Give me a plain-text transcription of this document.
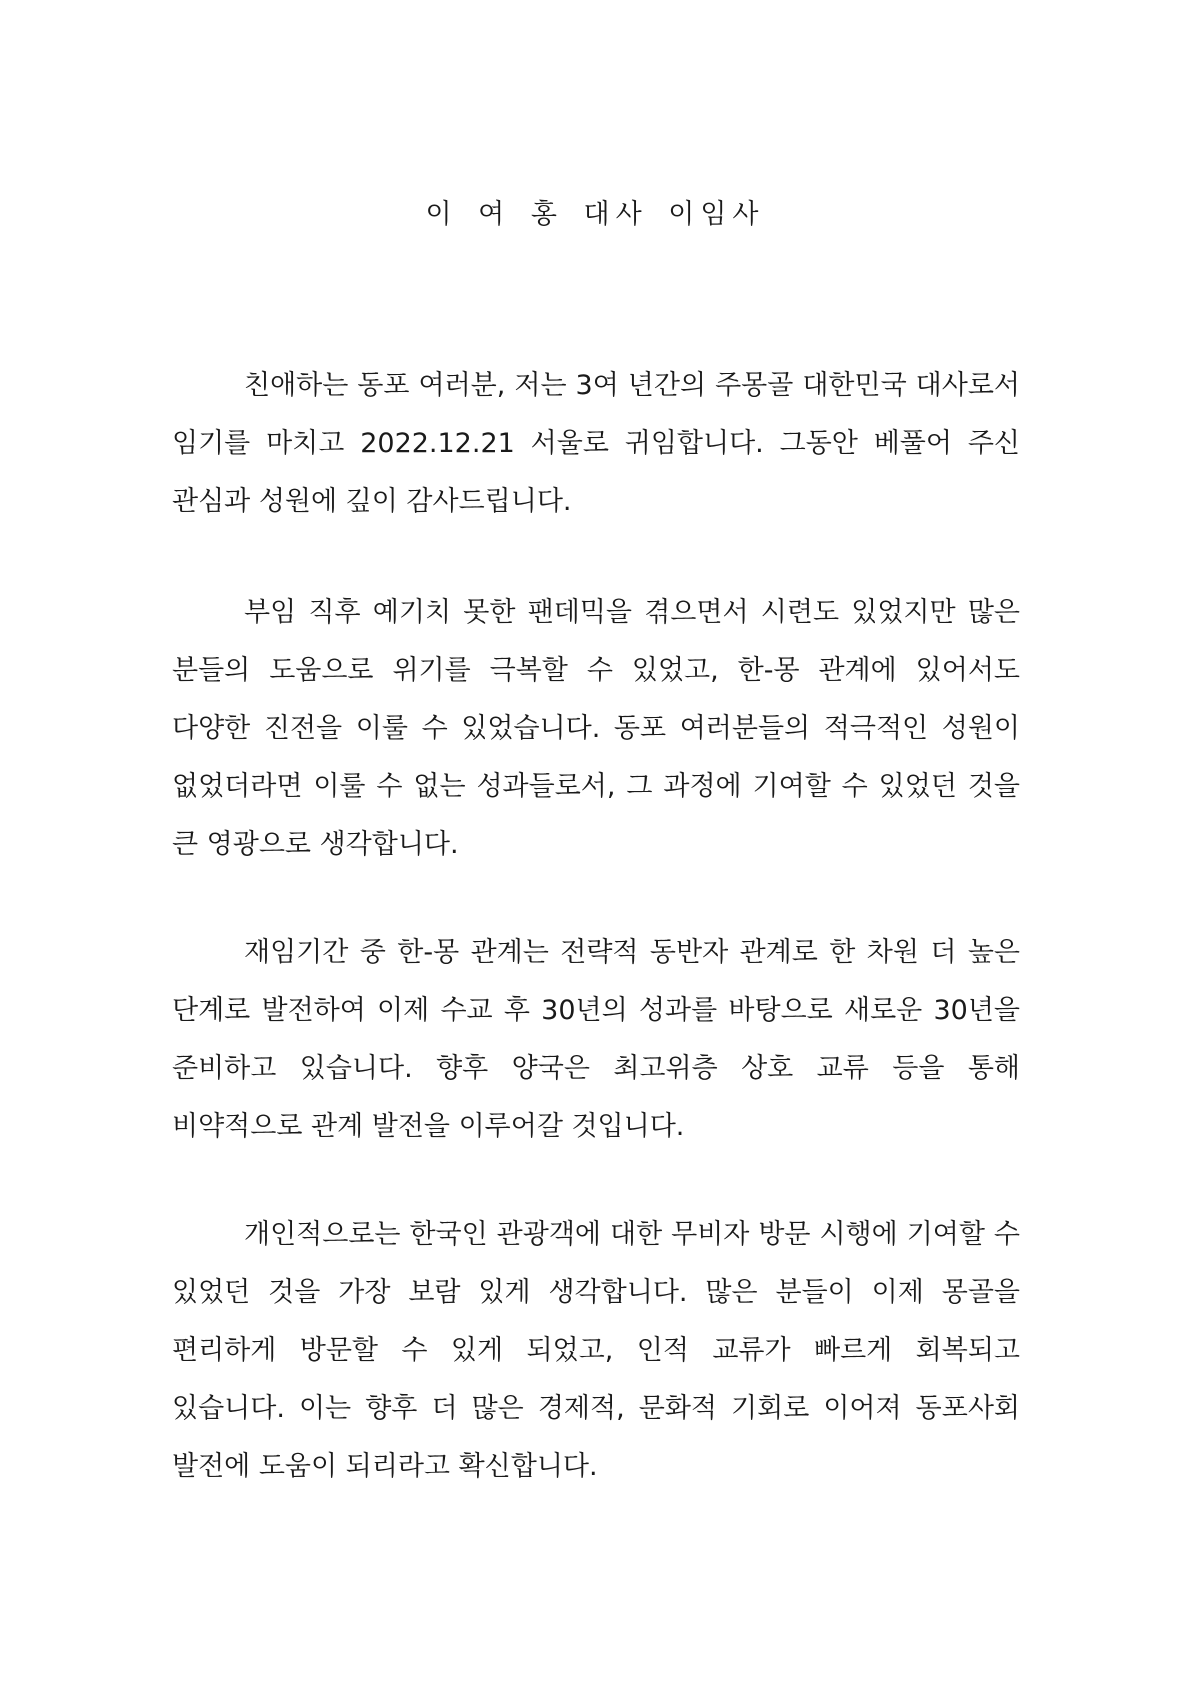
이 여 홍 대사 이임사

친애하는 동포 여러분, 저는 3여 년간의 주몽골 대한민국 대사로서 임기를 마치고 2022.12.21 서울로 귀임합니다. 그동안 베풀어 주신 관심과 성원에 깊이 감사드립니다.

부임 직후 예기치 못한 팬데믹을 겪으면서 시련도 있었지만 많은 분들의 도움으로 위기를 극복할 수 있었고, 한-몽 관계에 있어서도 다양한 진전을 이룰 수 있었습니다. 동포 여러분들의 적극적인 성원이 없었더라면 이룰 수 없는 성과들로서, 그 과정에 기여할 수 있었던 것을 큰 영광으로 생각합니다.

재임기간 중 한-몽 관계는 전략적 동반자 관계로 한 차원 더 높은 단계로 발전하여 이제 수교 후 30년의 성과를 바탕으로 새로운 30년을 준비하고 있습니다. 향후 양국은 최고위층 상호 교류 등을 통해 비약적으로 관계 발전을 이루어갈 것입니다.

개인적으로는 한국인 관광객에 대한 무비자 방문 시행에 기여할 수 있었던 것을 가장 보람 있게 생각합니다. 많은 분들이 이제 몽골을 편리하게 방문할 수 있게 되었고, 인적 교류가 빠르게 회복되고 있습니다. 이는 향후 더 많은 경제적, 문화적 기회로 이어져 동포사회 발전에 도움이 되리라고 확신합니다.
